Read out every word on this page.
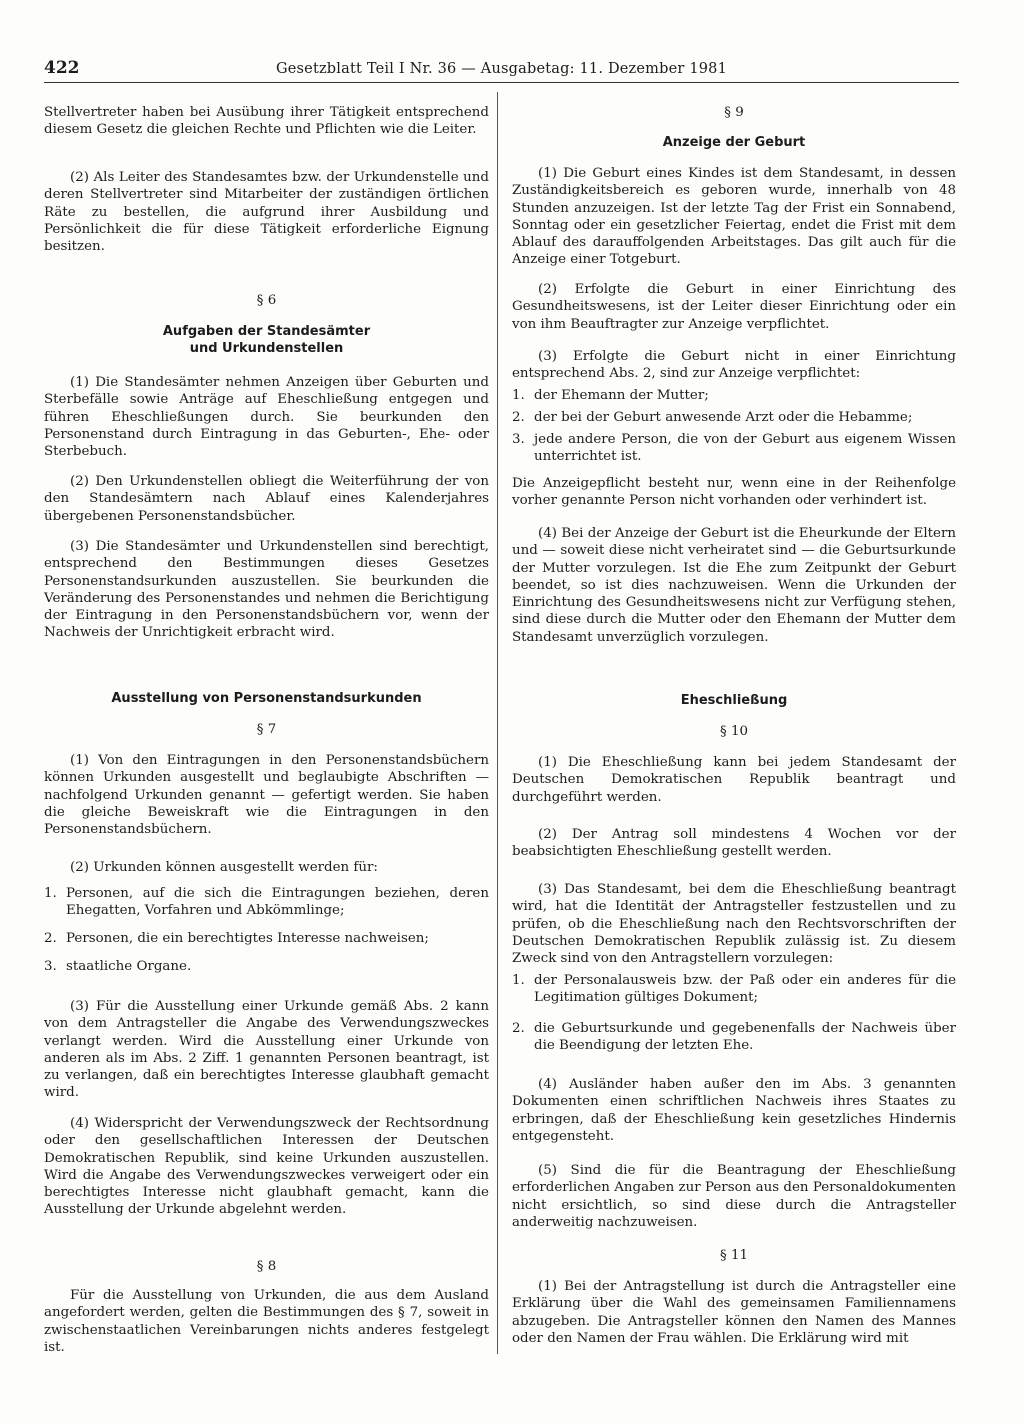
422	Gesetzblatt Teil I Nr. 36 — Ausgabetag: 11. Dezember 1981

Stellvertreter haben bei Ausübung ihrer Tätigkeit entsprechend diesem Gesetz die gleichen Rechte und Pflichten wie die Leiter.

(2) Als Leiter des Standesamtes bzw. der Urkundenstelle und deren Stellvertreter sind Mitarbeiter der zuständigen örtlichen Räte zu bestellen, die aufgrund ihrer Ausbildung und Persönlichkeit die für diese Tätigkeit erforderliche Eignung besitzen.

§ 6
Aufgaben der Standesämter
und Urkundenstellen

(1) Die Standesämter nehmen Anzeigen über Geburten und Sterbefälle sowie Anträge auf Eheschließung entgegen und führen Eheschließungen durch. Sie beurkunden den Personenstand durch Eintragung in das Geburten-, Ehe- oder Sterbebuch.

(2) Den Urkundenstellen obliegt die Weiterführung der von den Standesämtern nach Ablauf eines Kalenderjahres übergebenen Personenstandsbücher.

(3) Die Standesämter und Urkundenstellen sind berechtigt, entsprechend den Bestimmungen dieses Gesetzes Personenstandsurkunden auszustellen. Sie beurkunden die Veränderung des Personenstandes und nehmen die Berichtigung der Eintragung in den Personenstandsbüchern vor, wenn der Nachweis der Unrichtigkeit erbracht wird.

Ausstellung von Personenstandsurkunden
§ 7

(1) Von den Eintragungen in den Personenstandsbüchern können Urkunden ausgestellt und beglaubigte Abschriften — nachfolgend Urkunden genannt — gefertigt werden. Sie haben die gleiche Beweiskraft wie die Eintragungen in den Personenstandsbüchern.

(2) Urkunden können ausgestellt werden für:

1. Personen, auf die sich die Eintragungen beziehen, deren Ehegatten, Vorfahren und Abkömmlinge;
2. Personen, die ein berechtigtes Interesse nachweisen;
3. staatliche Organe.

(3) Für die Ausstellung einer Urkunde gemäß Abs. 2 kann von dem Antragsteller die Angabe des Verwendungszweckes verlangt werden. Wird die Ausstellung einer Urkunde von anderen als im Abs. 2 Ziff. 1 genannten Personen beantragt, ist zu verlangen, daß ein berechtigtes Interesse glaubhaft gemacht wird.

(4) Widerspricht der Verwendungszweck der Rechtsordnung oder den gesellschaftlichen Interessen der Deutschen Demokratischen Republik, sind keine Urkunden auszustellen. Wird die Angabe des Verwendungszweckes verweigert oder ein berechtigtes Interesse nicht glaubhaft gemacht, kann die Ausstellung der Urkunde abgelehnt werden.

§ 8

Für die Ausstellung von Urkunden, die aus dem Ausland angefordert werden, gelten die Bestimmungen des § 7, soweit in zwischenstaatlichen Vereinbarungen nichts anderes festgelegt ist.

§ 9
Anzeige der Geburt

(1) Die Geburt eines Kindes ist dem Standesamt, in dessen Zuständigkeitsbereich es geboren wurde, innerhalb von 48 Stunden anzuzeigen. Ist der letzte Tag der Frist ein Sonnabend, Sonntag oder ein gesetzlicher Feiertag, endet die Frist mit dem Ablauf des darauffolgenden Arbeitstages. Das gilt auch für die Anzeige einer Totgeburt.

(2) Erfolgte die Geburt in einer Einrichtung des Gesundheitswesens, ist der Leiter dieser Einrichtung oder ein von ihm Beauftragter zur Anzeige verpflichtet.

(3) Erfolgte die Geburt nicht in einer Einrichtung entsprechend Abs. 2, sind zur Anzeige verpflichtet:

1. der Ehemann der Mutter;
2. der bei der Geburt anwesende Arzt oder die Hebamme;
3. jede andere Person, die von der Geburt aus eigenem Wissen unterrichtet ist.

Die Anzeigepflicht besteht nur, wenn eine in der Reihenfolge vorher genannte Person nicht vorhanden oder verhindert ist.

(4) Bei der Anzeige der Geburt ist die Eheurkunde der Eltern und — soweit diese nicht verheiratet sind — die Geburtsurkunde der Mutter vorzulegen. Ist die Ehe zum Zeitpunkt der Geburt beendet, so ist dies nachzuweisen. Wenn die Urkunden der Einrichtung des Gesundheitswesens nicht zur Verfügung stehen, sind diese durch die Mutter oder den Ehemann der Mutter dem Standesamt unverzüglich vorzulegen.

Eheschließung
§ 10

(1) Die Eheschließung kann bei jedem Standesamt der Deutschen Demokratischen Republik beantragt und durchgeführt werden.

(2) Der Antrag soll mindestens 4 Wochen vor der beabsichtigten Eheschließung gestellt werden.

(3) Das Standesamt, bei dem die Eheschließung beantragt wird, hat die Identität der Antragsteller festzustellen und zu prüfen, ob die Eheschließung nach den Rechtsvorschriften der Deutschen Demokratischen Republik zulässig ist. Zu diesem Zweck sind von den Antragstellern vorzulegen:

1. der Personalausweis bzw. der Paß oder ein anderes für die Legitimation gültiges Dokument;
2. die Geburtsurkunde und gegebenenfalls der Nachweis über die Beendigung der letzten Ehe.

(4) Ausländer haben außer den im Abs. 3 genannten Dokumenten einen schriftlichen Nachweis ihres Staates zu erbringen, daß der Eheschließung kein gesetzliches Hindernis entgegensteht.

(5) Sind die für die Beantragung der Eheschließung erforderlichen Angaben zur Person aus den Personaldokumenten nicht ersichtlich, so sind diese durch die Antragsteller anderweitig nachzuweisen.

§ 11

(1) Bei der Antragstellung ist durch die Antragsteller eine Erklärung über die Wahl des gemeinsamen Familiennamens abzugeben. Die Antragsteller können den Namen des Mannes oder den Namen der Frau wählen. Die Erklärung wird mit
